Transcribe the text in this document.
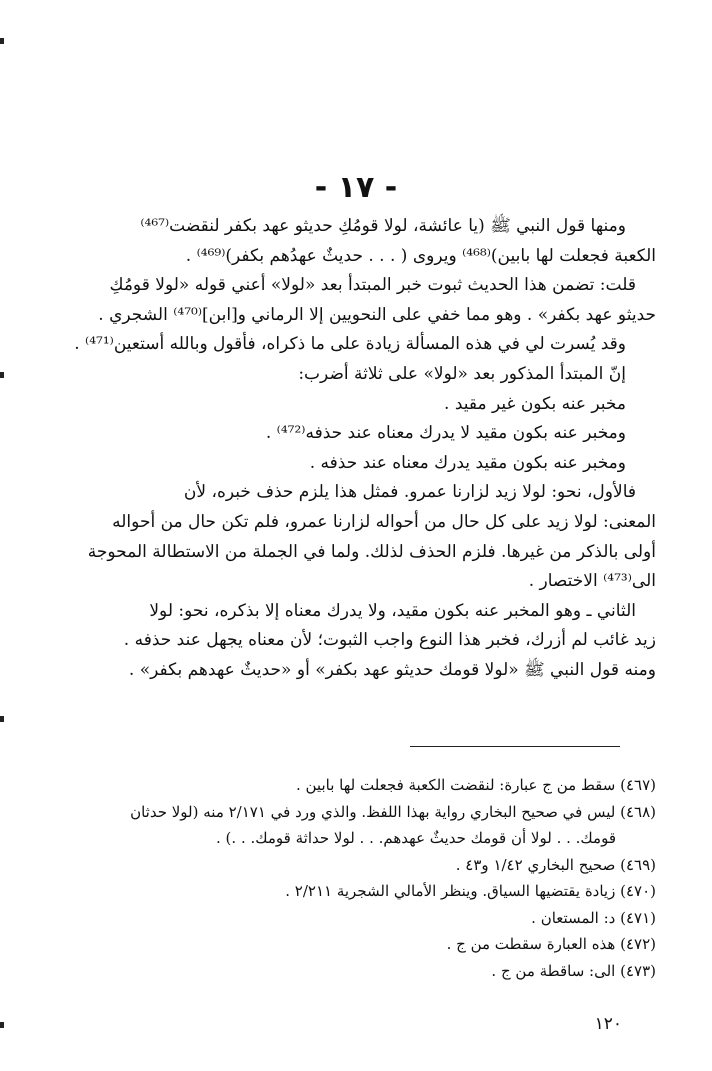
- ١٧ -

ومنها قول النبي ﷺ (يا عائشة، لولا قومُكِ حديثو عهد بكفر لنقضت⁽⁴⁶⁷⁾

الكعبة فجعلت لها بابين)⁽⁴⁶⁸⁾ ويروى ( . . . حديثٌ عهدُهم بكفر)⁽⁴⁶⁹⁾ .

قلت: تضمن هذا الحديث ثبوت خبر المبتدأ بعد «لولا» أعني قوله «لولا قومُكِ

حديثو عهد بكفر» . وهو مما خفي على النحويين إلا الرماني و[ابن]⁽⁴⁷⁰⁾ الشجري .

وقد يُسرت لي في هذه المسألة زيادة على ما ذكراه، فأقول وبالله أستعين⁽⁴⁷¹⁾ .

إنّ المبتدأ المذكور بعد «لولا» على ثلاثة أضرب:

مخبر عنه بكون غير مقيد .

ومخبر عنه بكون مقيد لا يدرك معناه عند حذفه⁽⁴⁷²⁾ .

ومخبر عنه بكون مقيد يدرك معناه عند حذفه .

فالأول، نحو: لولا زيد لزارنا عمرو. فمثل هذا يلزم حذف خبره، لأن

المعنى: لولا زيد على كل حال من أحواله لزارنا عمرو، فلم تكن حال من أحواله

أولى بالذكر من غيرها. فلزم الحذف لذلك. ولما في الجملة من الاستطالة المحوجة

الى⁽⁴⁷³⁾ الاختصار .

الثاني ـ وهو المخبر عنه بكون مقيد، ولا يدرك معناه إلا بذكره، نحو: لولا

زيد غائب لم أزرك، فخبر هذا النوع واجب الثبوت؛ لأن معناه يجهل عند حذفه .

ومنه قول النبي ﷺ «لولا قومك حديثو عهد بكفر» أو «حديثٌ عهدهم بكفر» .

(٤٦٧) سقط من ج عبارة: لنقضت الكعبة فجعلت لها بابين .

(٤٦٨) ليس في صحيح البخاري رواية بهذا اللفظ. والذي ورد في ٢/١٧١ منه (لولا حدثان

قومك. . . لولا أن قومك حديثٌ عهدهم. . . لولا حداثة قومك. . .) .

(٤٦٩) صحيح البخاري ١/٤٢ و٤٣ .

(٤٧٠) زيادة يقتضيها السياق. وينظر الأمالي الشجرية ٢/٢١١ .

(٤٧١) د: المستعان .

(٤٧٢) هذه العبارة سقطت من ج .

(٤٧٣) الى: ساقطة من ج .

١٢٠
